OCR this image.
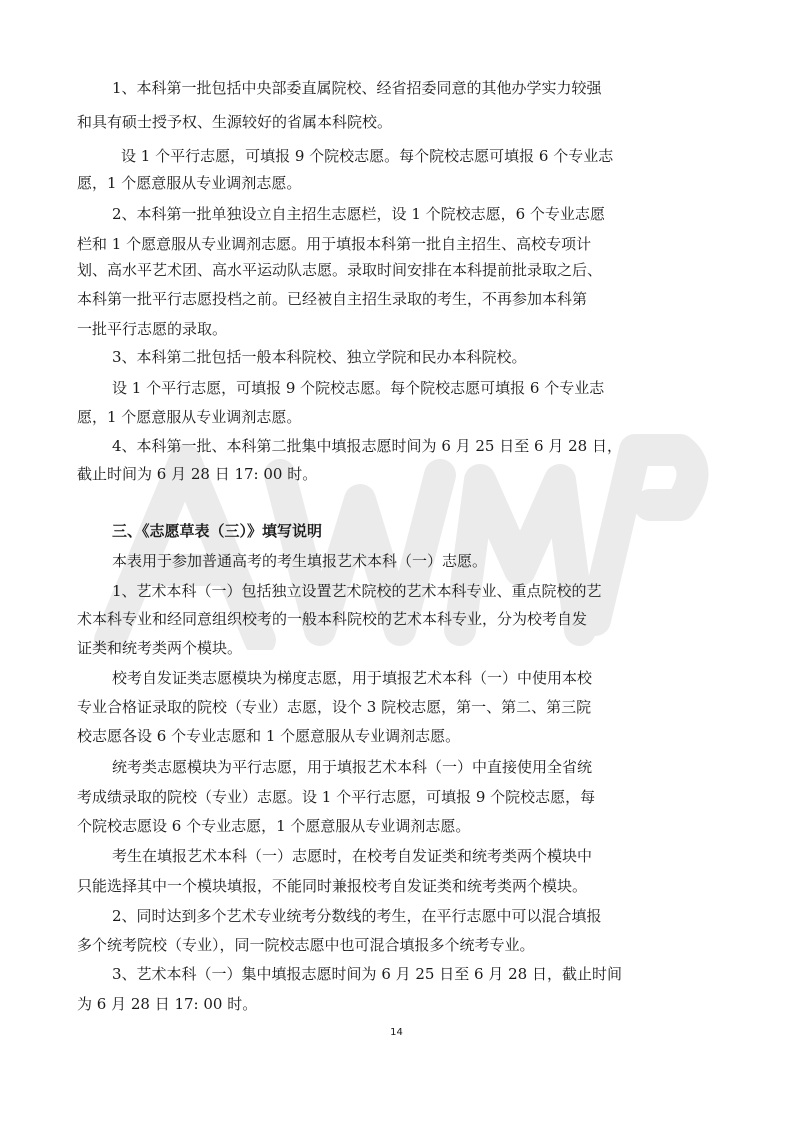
1、本科第一批包括中央部委直属院校、经省招委同意的其他办学实力较强
和具有硕士授予权、生源较好的省属本科院校。
设 1 个平行志愿，可填报 9 个院校志愿。每个院校志愿可填报 6 个专业志
愿，1 个愿意服从专业调剂志愿。
2、本科第一批单独设立自主招生志愿栏，设 1 个院校志愿，6 个专业志愿
栏和 1 个愿意服从专业调剂志愿。用于填报本科第一批自主招生、高校专项计
划、高水平艺术团、高水平运动队志愿。录取时间安排在本科提前批录取之后、
本科第一批平行志愿投档之前。已经被自主招生录取的考生，不再参加本科第
一批平行志愿的录取。
3、本科第二批包括一般本科院校、独立学院和民办本科院校。
设 1 个平行志愿，可填报 9 个院校志愿。每个院校志愿可填报 6 个专业志
愿，1 个愿意服从专业调剂志愿。
4、本科第一批、本科第二批集中填报志愿时间为 6 月 25 日至 6 月 28 日，
截止时间为 6 月 28 日 17: 00 时。
三、《志愿草表（三）》填写说明
本表用于参加普通高考的考生填报艺术本科（一）志愿。
1、艺术本科（一）包括独立设置艺术院校的艺术本科专业、重点院校的艺
术本科专业和经同意组织校考的一般本科院校的艺术本科专业，分为校考自发
证类和统考类两个模块。
校考自发证类志愿模块为梯度志愿，用于填报艺术本科（一）中使用本校
专业合格证录取的院校（专业）志愿，设个 3 院校志愿，第一、第二、第三院
校志愿各设 6 个专业志愿和 1 个愿意服从专业调剂志愿。
统考类志愿模块为平行志愿，用于填报艺术本科（一）中直接使用全省统
考成绩录取的院校（专业）志愿。设 1 个平行志愿，可填报 9 个院校志愿，每
个院校志愿设 6 个专业志愿，1 个愿意服从专业调剂志愿。
考生在填报艺术本科（一）志愿时，在校考自发证类和统考类两个模块中
只能选择其中一个模块填报，不能同时兼报校考自发证类和统考类两个模块。
2、同时达到多个艺术专业统考分数线的考生，在平行志愿中可以混合填报
多个统考院校（专业），同一院校志愿中也可混合填报多个统考专业。
3、艺术本科（一）集中填报志愿时间为 6 月 25 日至 6 月 28 日，截止时间
为 6 月 28 日 17: 00 时。
14
